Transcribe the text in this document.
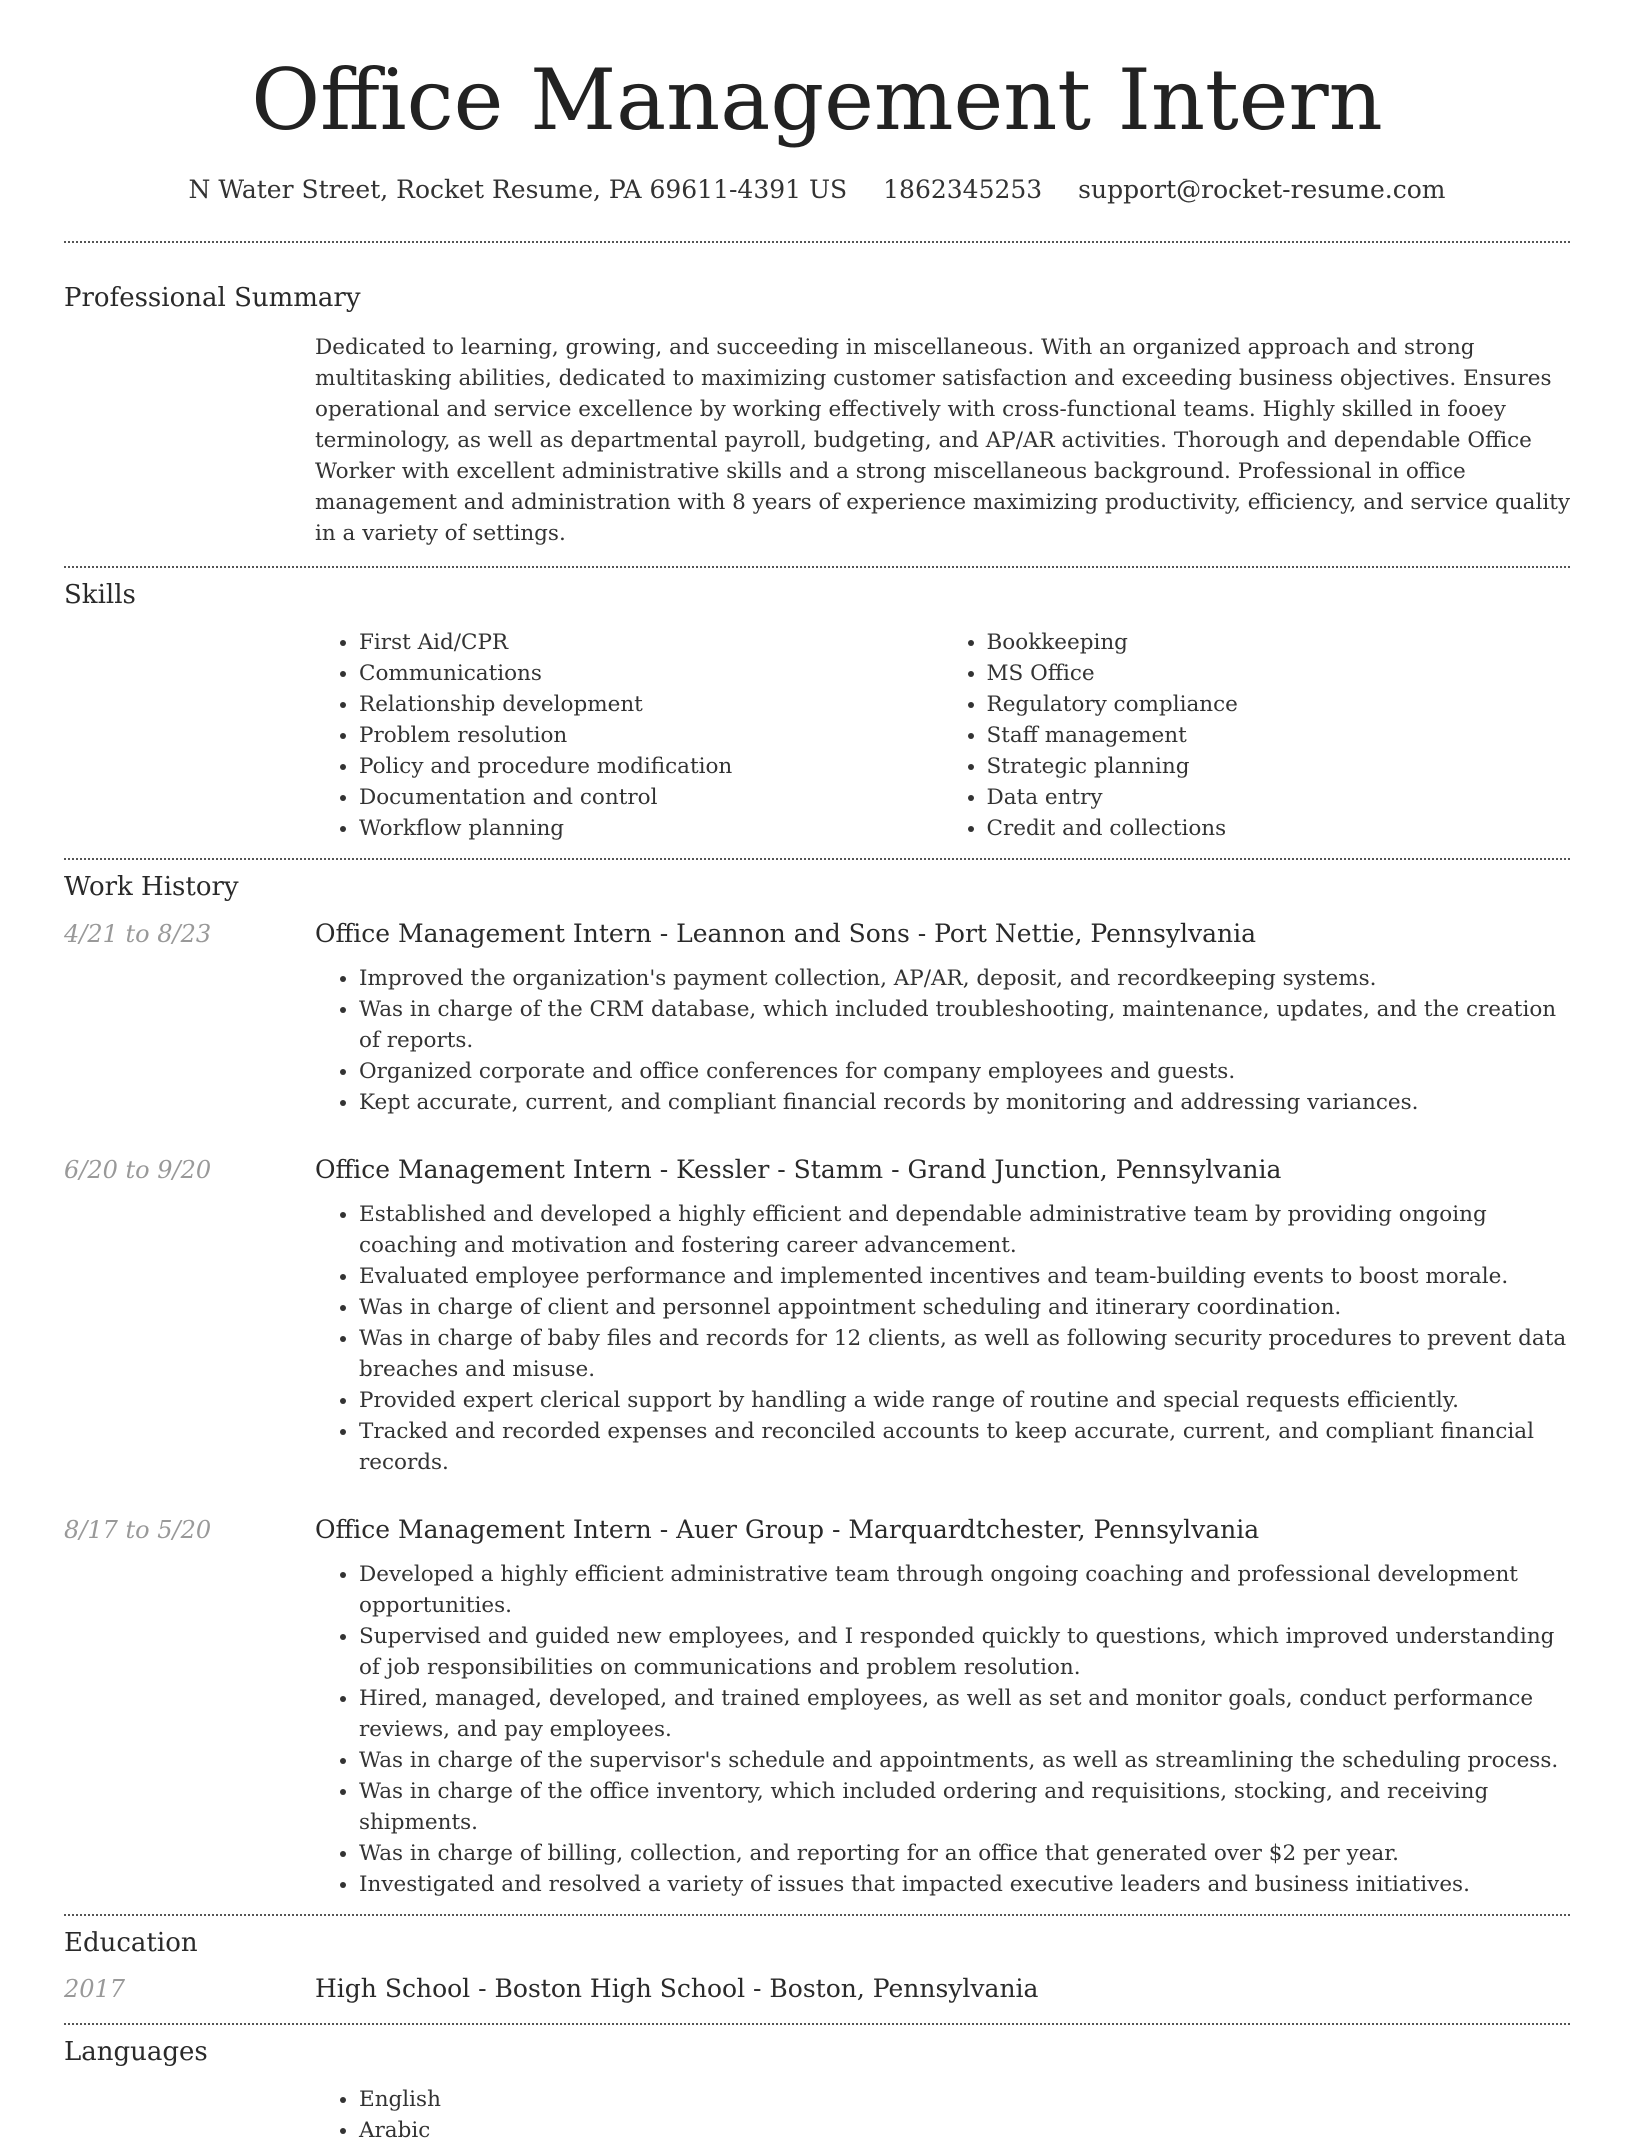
Office Management Intern
N Water Street, Rocket Resume, PA 69611-4391 US 1862345253 support@rocket-resume.com
Professional Summary

Dedicated to learning, growing, and succeeding in miscellaneous. With an organized approach and strong multitasking abilities, dedicated to maximizing customer satisfaction and exceeding business objectives. Ensures operational and service excellence by working effectively with cross-functional teams. Highly skilled in fooey terminology, as well as departmental payroll, budgeting, and AP/AR activities. Thorough and dependable Office Worker with excellent administrative skills and a strong miscellaneous background. Professional in office management and administration with 8 years of experience maximizing productivity, efficiency, and service quality in a variety of settings.

Skills
• First Aid/CPR
• Communications
• Relationship development
• Problem resolution
• Policy and procedure modification
• Documentation and control
• Workflow planning
• Bookkeeping
• MS Office
• Regulatory compliance
• Staff management
• Strategic planning
• Data entry
• Credit and collections
Work History
4/21 to 8/23	Office Management Intern - Leannon and Sons - Port Nettie, Pennsylvania
• Improved the organization's payment collection, AP/AR, deposit, and recordkeeping systems.
• Was in charge of the CRM database, which included troubleshooting, maintenance, updates, and the creation of reports.
• Organized corporate and office conferences for company employees and guests.
• Kept accurate, current, and compliant financial records by monitoring and addressing variances.
6/20 to 9/20	Office Management Intern - Kessler - Stamm - Grand Junction, Pennsylvania
• Established and developed a highly efficient and dependable administrative team by providing ongoing coaching and motivation and fostering career advancement.
• Evaluated employee performance and implemented incentives and team-building events to boost morale.
• Was in charge of client and personnel appointment scheduling and itinerary coordination.
• Was in charge of baby files and records for 12 clients, as well as following security procedures to prevent data breaches and misuse.
• Provided expert clerical support by handling a wide range of routine and special requests efficiently.
• Tracked and recorded expenses and reconciled accounts to keep accurate, current, and compliant financial records.
8/17 to 5/20	Office Management Intern - Auer Group - Marquardtchester, Pennsylvania
• Developed a highly efficient administrative team through ongoing coaching and professional development opportunities.
• Supervised and guided new employees, and I responded quickly to questions, which improved understanding of job responsibilities on communications and problem resolution.
• Hired, managed, developed, and trained employees, as well as set and monitor goals, conduct performance reviews, and pay employees.
• Was in charge of the supervisor's schedule and appointments, as well as streamlining the scheduling process.
• Was in charge of the office inventory, which included ordering and requisitions, stocking, and receiving shipments.
• Was in charge of billing, collection, and reporting for an office that generated over $2 per year.
• Investigated and resolved a variety of issues that impacted executive leaders and business initiatives.
Education
2017	High School - Boston High School - Boston, Pennsylvania
Languages
• English
• Arabic
